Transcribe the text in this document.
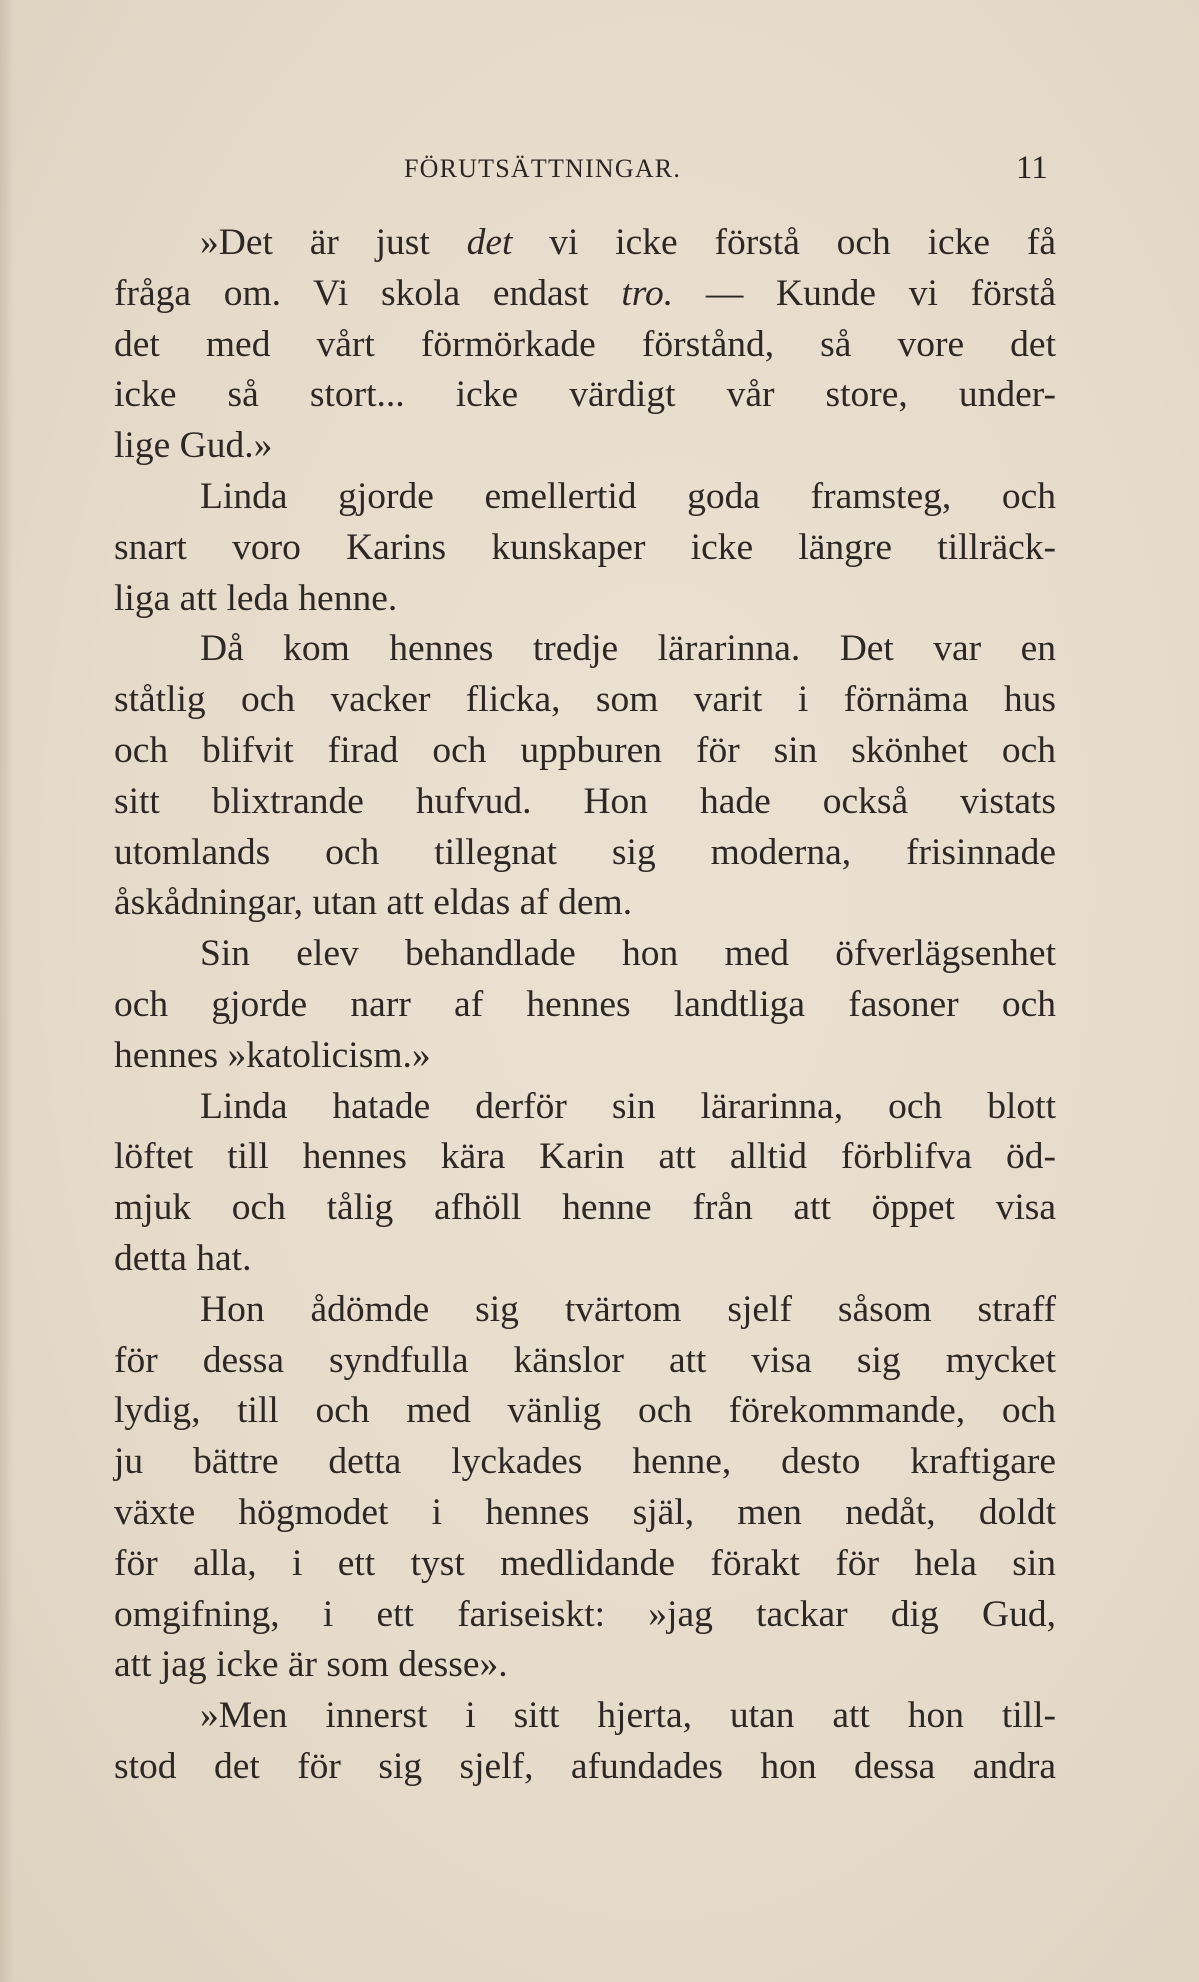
FÖRUTSÄTTNINGAR.	11
»Det är just det vi icke förstå och icke få
fråga om. Vi skola endast tro. — Kunde vi förstå
det med vårt förmörkade förstånd, så vore det
icke så stort... icke värdigt vår store, under-
lige Gud.»
Linda gjorde emellertid goda framsteg, och
snart voro Karins kunskaper icke längre tillräck-
liga att leda henne.
Då kom hennes tredje lärarinna. Det var en
ståtlig och vacker flicka, som varit i förnäma hus
och blifvit firad och uppburen för sin skönhet och
sitt blixtrande hufvud. Hon hade också vistats
utomlands och tillegnat sig moderna, frisinnade
åskådningar, utan att eldas af dem.
Sin elev behandlade hon med öfverlägsenhet
och gjorde narr af hennes landtliga fasoner och
hennes »katolicism.»
Linda hatade derför sin lärarinna, och blott
löftet till hennes kära Karin att alltid förblifva öd-
mjuk och tålig afhöll henne från att öppet visa
detta hat.
Hon ådömde sig tvärtom sjelf såsom straff
för dessa syndfulla känslor att visa sig mycket
lydig, till och med vänlig och förekommande, och
ju bättre detta lyckades henne, desto kraftigare
växte högmodet i hennes själ, men nedåt, doldt
för alla, i ett tyst medlidande förakt för hela sin
omgifning, i ett fariseiskt: »jag tackar dig Gud,
att jag icke är som desse».
»Men innerst i sitt hjerta, utan att hon till-
stod det för sig sjelf, afundades hon dessa andra
